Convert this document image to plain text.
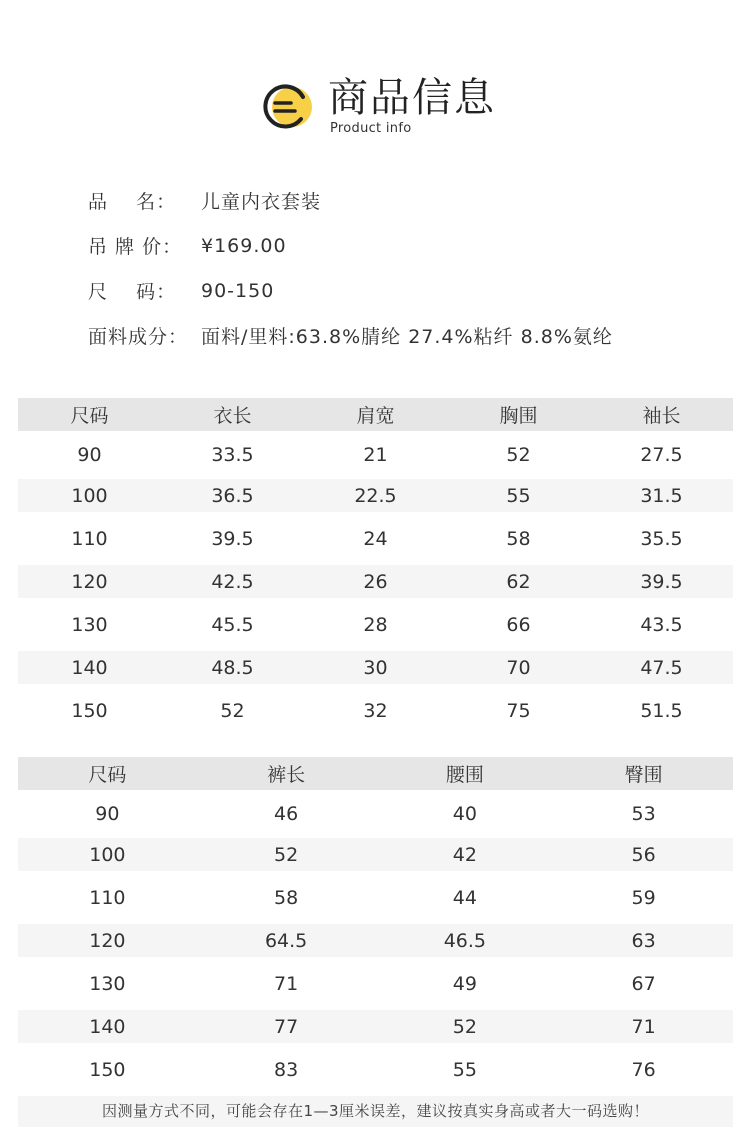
商品信息
Product info
品    名：	儿童内衣套装
吊 牌 价： ¥169.00
尺    码：	90-150
面料成分： 面料/里料:63.8%腈纶 27.4%粘纤 8.8%氨纶
尺码	衣长	肩宽	胸围	袖长
90	33.5	21	52	27.5
100	36.5	22.5	55	31.5
110	39.5	24	58	35.5
120	42.5	26	62	39.5
130	45.5	28	66	43.5
140	48.5	30	70	47.5
150	52	32	75	51.5
尺码	裤长	腰围	臀围
90	46	40	53
100	52	42	56
110	58	44	59
120	64.5	46.5	63
130	71	49	67
140	77	52	71
150	83	55	76
因测量方式不同，可能会存在1—3厘米误差，建议按真实身高或者大一码选购！
